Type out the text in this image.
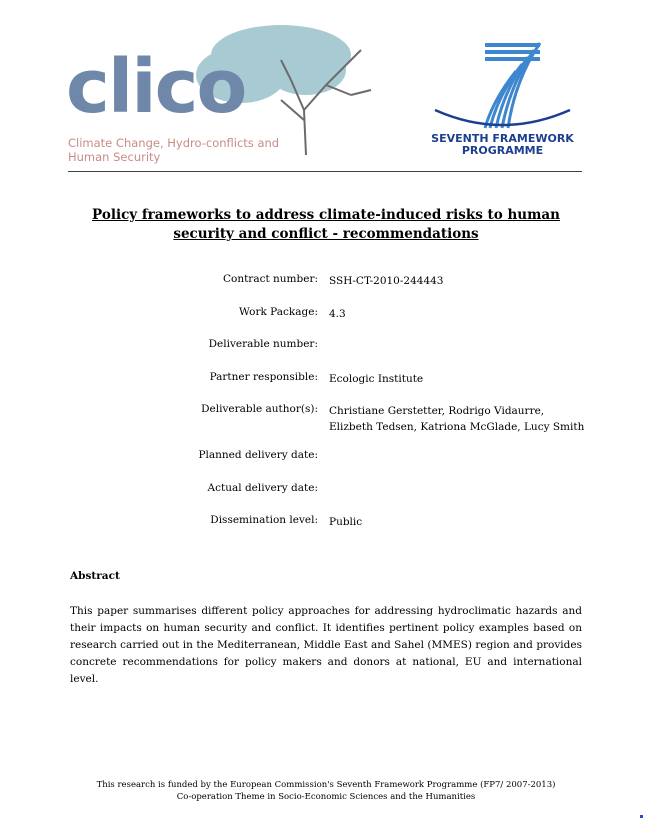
clico
Climate Change, Hydro-conflicts and
Human Security
SEVENTH FRAMEWORK
PROGRAMME
Policy frameworks to address climate-induced risks to human
security and conflict - recommendations
Contract number: SSH-CT-2010-244443
Work Package: 4.3
Deliverable number:
Partner responsible: Ecologic Institute
Deliverable author(s): Christiane Gerstetter, Rodrigo Vidaurre,
Elizbeth Tedsen, Katriona McGlade, Lucy Smith
Planned delivery date:
Actual delivery date:
Dissemination level: Public
Abstract
This paper summarises different policy approaches for addressing hydroclimatic hazards and their impacts on human security and conflict. It identifies pertinent policy examples based on research carried out in the Mediterranean, Middle East and Sahel (MMES) region and provides concrete recommendations for policy makers and donors at national, EU and international level.
This research is funded by the European Commission's Seventh Framework Programme (FP7/ 2007-2013)
Co-operation Theme in Socio-Economic Sciences and the Humanities
